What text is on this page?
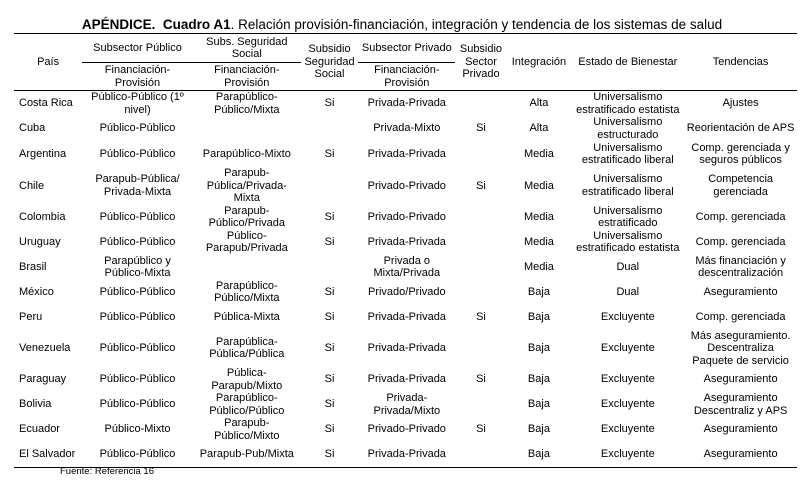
APÉNDICE. Cuadro A1. Relación provisión-financiación, integración y tendencia de los sistemas de salud
País	Subsector Público	Subs. Seguridad Social	Subsidio Seguridad Social	Subsector Privado	Subsidio Sector Privado	Integración	Estado de Bienestar	Tendencias
	Financiación-Provisión	Financiación-Provisión		Financiación-Provisión				
Costa Rica	Público-Público (1º nivel)	Parapúblico-Público/Mixta	Si	Privada-Privada		Alta	Universalismo estratificado estatista	Ajustes
Cuba	Público-Público			Privada-Mixto	Si	Alta	Universalismo estructurado	Reorientación de APS
Argentina	Público-Público	Parapúblico-Mixto	Si	Privada-Privada		Media	Universalismo estratificado liberal	Comp. gerenciada y seguros públicos
Chile	Parapub-Pública/ Privada-Mixta	Parapub-Pública/Privada-Mixta		Privado-Privado	Si	Media	Universalismo estratificado liberal	Competencia gerenciada
Colombia	Público-Público	Parapub-Público/Privada	Si	Privado-Privado		Media	Universalismo estratificado	Comp. gerenciada
Uruguay	Público-Público	Público-Parapub/Privada	Si	Privada-Privada		Media	Universalismo estratificado estatista	Comp. gerenciada
Brasil	Parapúblico y Público-Mixta			Privada o Mixta/Privada		Media	Dual	Más financiación y descentralización
México	Público-Público	Parapúblico-Público/Mixta	Si	Privado/Privado		Baja	Dual	Aseguramiento
Peru	Público-Público	Pública-Mixta	Si	Privada-Privada	Si	Baja	Excluyente	Comp. gerenciada
Venezuela	Público-Público	Parapública-Pública/Pública	Si	Privada-Privada		Baja	Excluyente	Más aseguramiento. Descentraliza Paquete de servicio
Paraguay	Público-Público	Pública-Parapub/Mixto	Si	Privada-Privada	Si	Baja	Excluyente	Aseguramiento
Bolivia	Público-Público	Parapúblico-Público/Público	Si	Privada-Privada/Mixto		Baja	Excluyente	Aseguramiento Descentraliz y APS
Ecuador	Público-Mixto	Parapub-Público/Mixto	Si	Privado-Privado	Si	Baja	Excluyente	Aseguramiento
El Salvador	Público-Público	Parapub-Pub/Mixta	Si	Privada-Privada		Baja	Excluyente	Aseguramiento
Fuente: Referencia 16
